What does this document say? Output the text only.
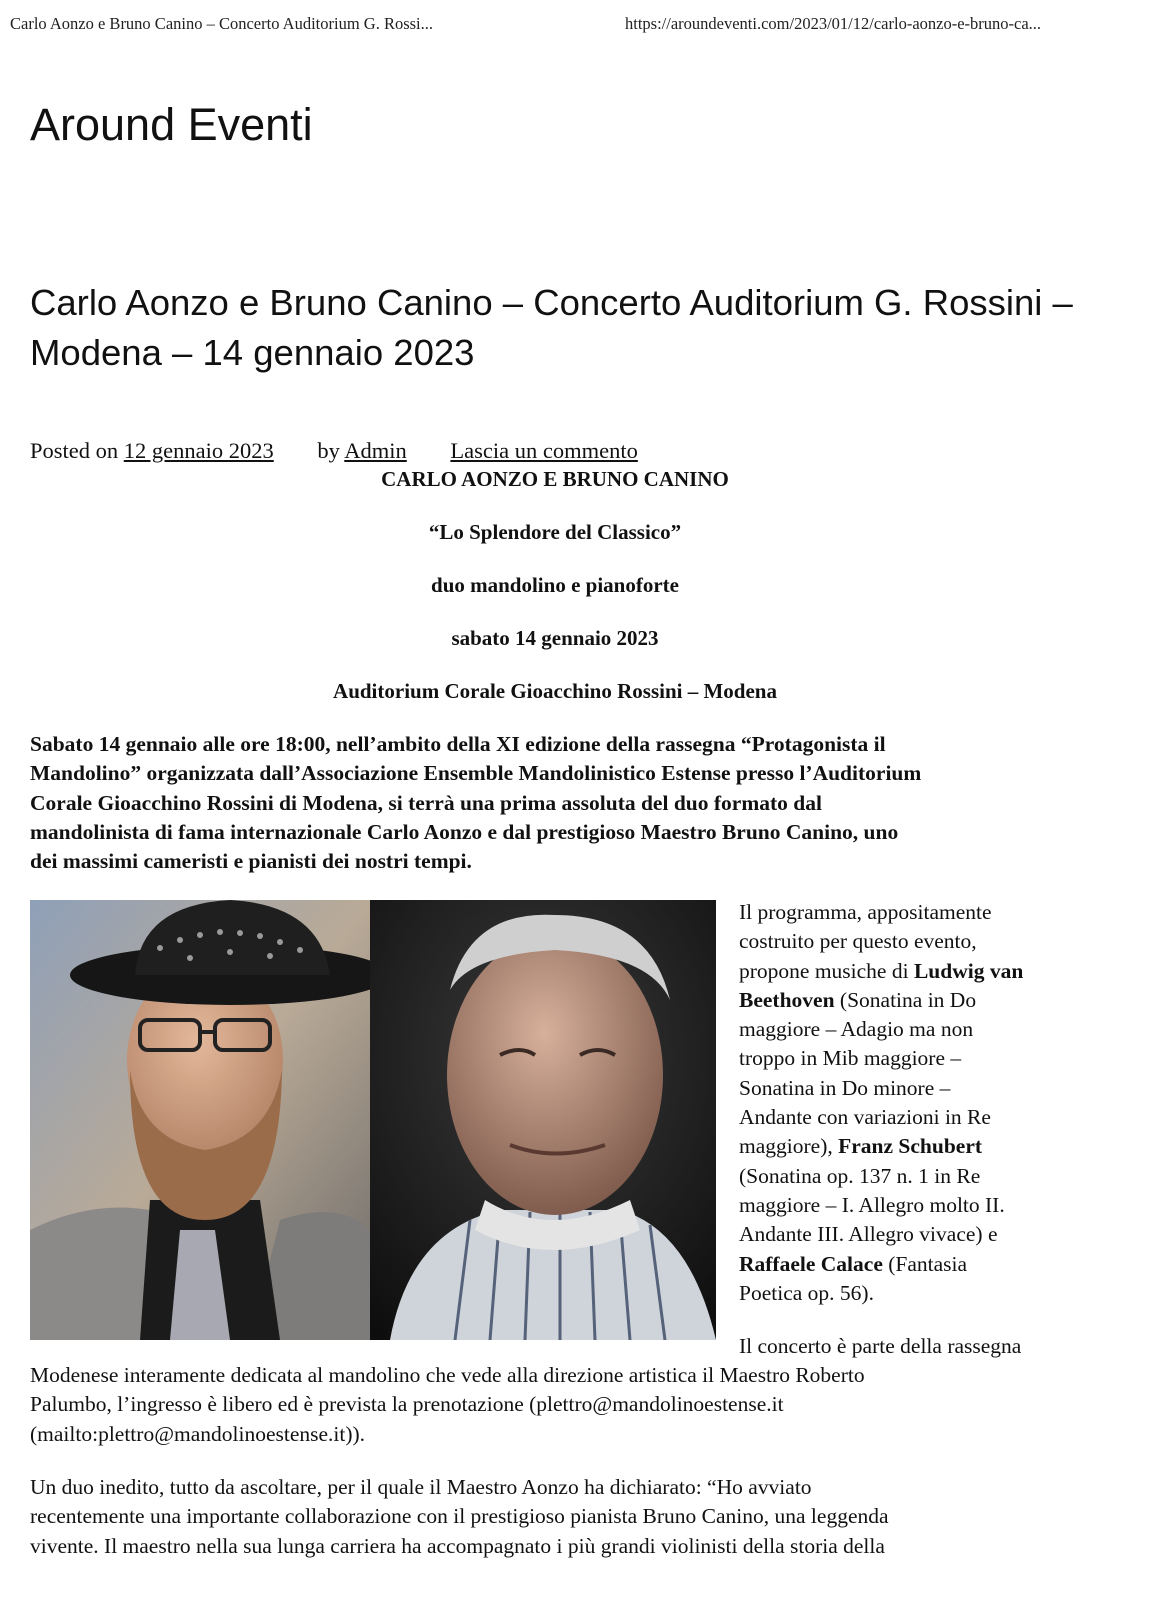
Carlo Aonzo e Bruno Canino – Concerto Auditorium G. Rossi...	https://aroundeventi.com/2023/01/12/carlo-aonzo-e-bruno-ca...
Around Eventi
Carlo Aonzo e Bruno Canino – Concerto Auditorium G. Rossini – Modena – 14 gennaio 2023
Posted on 12 gennaio 2023 by Admin Lascia un commento

CARLO AONZO E BRUNO CANINO

“Lo Splendore del Classico”

duo mandolino e pianoforte

sabato 14 gennaio 2023

Auditorium Corale Gioacchino Rossini – Modena

Sabato 14 gennaio alle ore 18:00, nell’ambito della XI edizione della rassegna “Protagonista il
Mandolino” organizzata dall’Associazione Ensemble Mandolinistico Estense presso l’Auditorium
Corale Gioacchino Rossini di Modena, si terrà una prima assoluta del duo formato dal
mandolinista di fama internazionale Carlo Aonzo e dal prestigioso Maestro Bruno Canino, uno
dei massimi cameristi e pianisti dei nostri tempi.

Il programma, appositamente
costruito per questo evento,
propone musiche di Ludwig van
Beethoven (Sonatina in Do
maggiore – Adagio ma non
troppo in Mib maggiore –
Sonatina in Do minore –
Andante con variazioni in Re
maggiore), Franz Schubert
(Sonatina op. 137 n. 1 in Re
maggiore – I. Allegro molto II.
Andante III. Allegro vivace) e
Raffaele Calace (Fantasia
Poetica op. 56).

Il concerto è parte della rassegna

Modenese interamente dedicata al mandolino che vede alla direzione artistica il Maestro Roberto
Palumbo, l’ingresso è libero ed è prevista la prenotazione (plettro@mandolinoestense.it
(mailto:plettro@mandolinoestense.it)).

Un duo inedito, tutto da ascoltare, per il quale il Maestro Aonzo ha dichiarato: “Ho avviato
recentemente una importante collaborazione con il prestigioso pianista Bruno Canino, una leggenda
vivente. Il maestro nella sua lunga carriera ha accompagnato i più grandi violinisti della storia della
